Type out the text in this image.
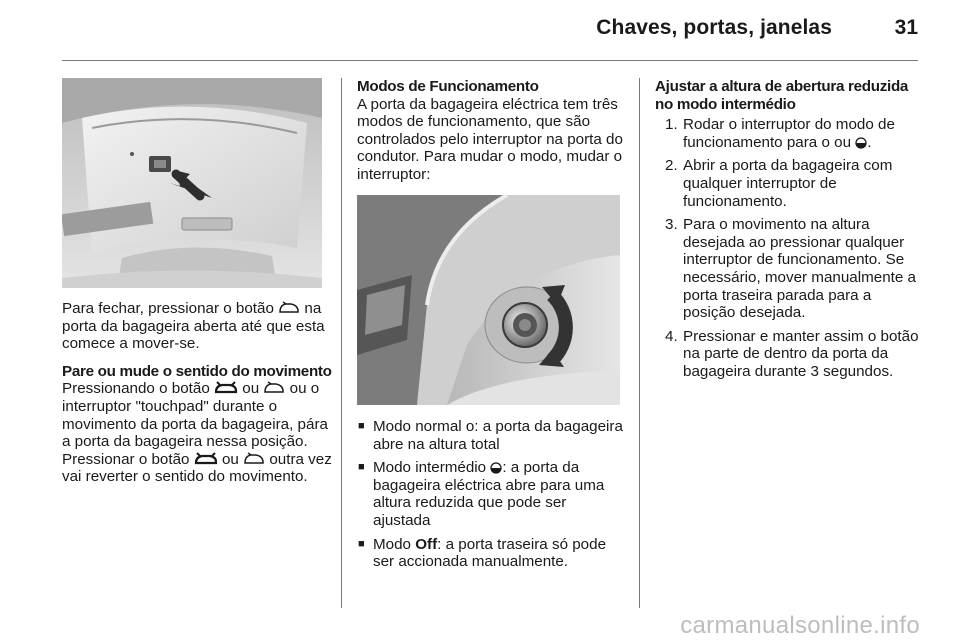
Chaves, portas, janelas	31

Para fechar, pressionar o botão na porta da bagageira aberta até que esta comece a mover-se.

Pare ou mude o sentido do movimento

Pressionando o botão ou ou o interruptor "touchpad" durante o movimento da porta da bagageira, pára a porta da bagageira nessa posição. Pressionar o botão ou outra vez vai reverter o sentido do movimento.

Modos de Funcionamento

A porta da bagageira eléctrica tem três modos de funcionamento, que são controlados pelo interruptor na porta do condutor. Para mudar o modo, mudar o interruptor:

■ Modo normal o: a porta da bagageira abre na altura total
■ Modo intermédio : a porta da bagageira eléctrica abre para uma altura reduzida que pode ser ajustada
■ Modo Off: a porta traseira só pode ser accionada manualmente.

Ajustar a altura de abertura reduzida no modo intermédio

1. Rodar o interruptor do modo de funcionamento para o ou .
2. Abrir a porta da bagageira com qualquer interruptor de funcionamento.
3. Para o movimento na altura desejada ao pressionar qualquer interruptor de funcionamento. Se necessário, mover manualmente a porta traseira parada para a posição desejada.
4. Pressionar e manter assim o botão na parte de dentro da porta da bagageira durante 3 segundos.
carmanualsonline.info
